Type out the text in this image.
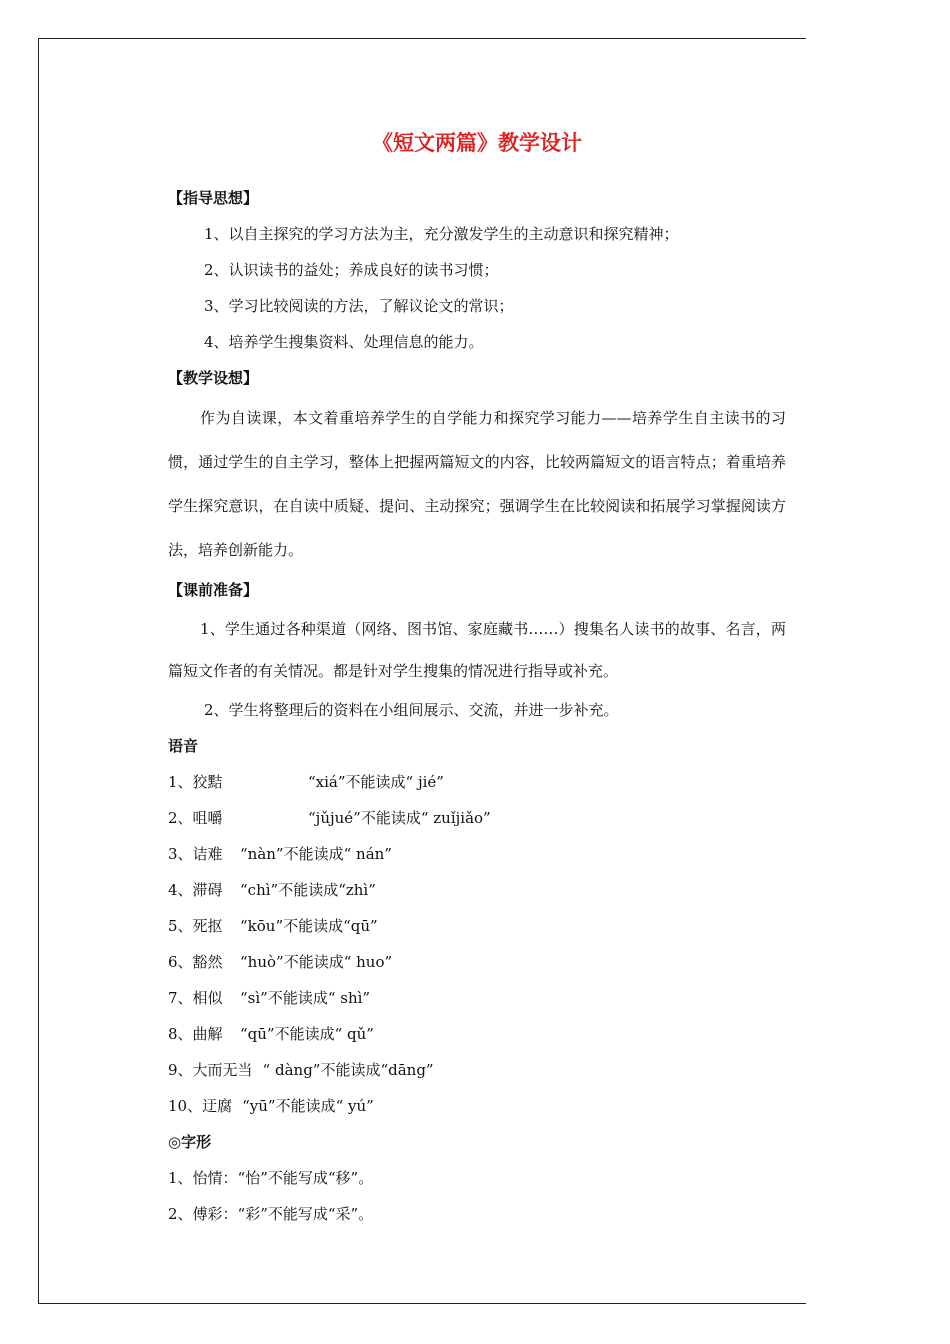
《短文两篇》教学设计
【指导思想】
1、以自主探究的学习方法为主，充分激发学生的主动意识和探究精神；
2、认识读书的益处；养成良好的读书习惯；
3、学习比较阅读的方法，了解议论文的常识；
4、培养学生搜集资料、处理信息的能力。
【教学设想】

作为自读课，本文着重培养学生的自学能力和探究学习能力——培养学生自主读书的习惯，通过学生的自主学习，整体上把握两篇短文的内容，比较两篇短文的语言特点；着重培养学生探究意识，在自读中质疑、提问、主动探究；强调学生在比较阅读和拓展学习掌握阅读方法，培养创新能力。

【课前准备】

1、学生通过各种渠道（网络、图书馆、家庭藏书……）搜集名人读书的故事、名言，两篇短文作者的有关情况。都是针对学生搜集的情况进行指导或补充。

2、学生将整理后的资料在小组间展示、交流，并进一步补充。
语音
1、狡黠	“xiá”不能读成“ jié”
2、咀嚼	“jǔjué”不能读成“ zuǐjiǎo”
3、诘难 “nàn”不能读成“ nán”
4、滞碍 “chì”不能读成“zhì”
5、死抠 “kōu”不能读成“qū”
6、豁然 “huò”不能读成“ huo”
7、相似 “sì”不能读成“ shì”
8、曲解 “qū”不能读成“ qǔ”
9、大而无当 “ dàng”不能读成“dāng”
10、迂腐 “yū”不能读成“ yú”
◎字形
1、怡情：“怡”不能写成“移”。
2、傅彩：“彩”不能写成“采”。
